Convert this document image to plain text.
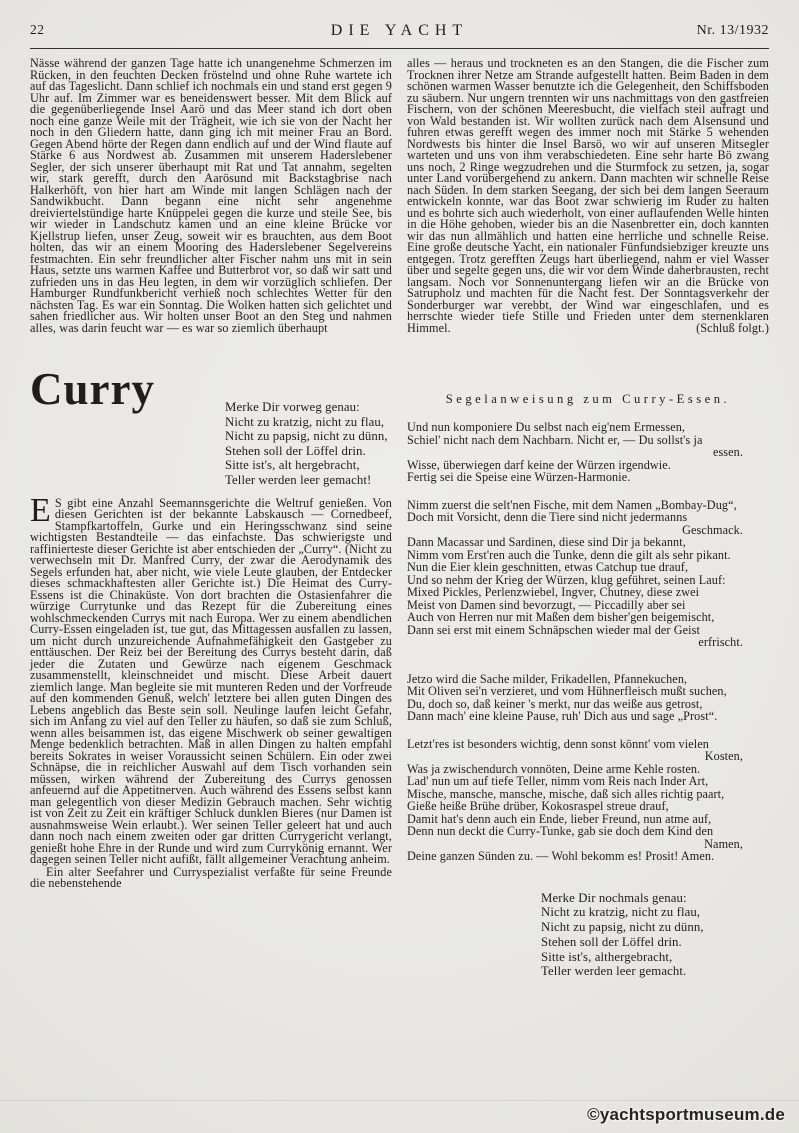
22	DIE YACHT	Nr. 13/1932

Nässe während der ganzen Tage hatte ich unangenehme Schmerzen im Rücken, in den feuchten Decken fröstelnd und ohne Ruhe wartete ich auf das Tageslicht. Dann schlief ich nochmals ein und stand erst gegen 9 Uhr auf. Im Zimmer war es beneidenswert besser. Mit dem Blick auf die gegenüberliegende Insel Aarö und das Meer stand ich dort oben noch eine ganze Weile mit der Trägheit, wie ich sie von der Nacht her noch in den Gliedern hatte, dann ging ich mit meiner Frau an Bord. Gegen Abend hörte der Regen dann endlich auf und der Wind flaute auf Stärke 6 aus Nordwest ab. Zusammen mit unserem Haderslebener Segler, der sich unserer überhaupt mit Rat und Tat annahm, segelten wir, stark gerefft, durch den Aarösund mit Backstagbrise nach Halkerhöft, von hier hart am Winde mit langen Schlägen nach der Sandwikbucht. Dann begann eine nicht sehr angenehme dreiviertelstündige harte Knüppelei gegen die kurze und steile See, bis wir wieder in Landschutz kamen und an eine kleine Brücke vor Kjellstrup liefen, unser Zeug, soweit wir es brauchten, aus dem Boot holten, das wir an einem Mooring des Haderslebener Segelvereins festmachten. Ein sehr freundlicher alter Fischer nahm uns mit in sein Haus, setzte uns warmen Kaffee und Butterbrot vor, so daß wir satt und zufrieden uns in das Heu legten, in dem wir vorzüglich schliefen. Der Hamburger Rundfunkbericht verhieß noch schlechtes Wetter für den nächsten Tag. Es war ein Sonntag. Die Wolken hatten sich gelichtet und sahen friedlicher aus. Wir holten unser Boot an den Steg und nahmen alles, was darin feucht war — es war so ziemlich überhaupt

alles — heraus und trockneten es an den Stangen, die die Fischer zum Trocknen ihrer Netze am Strande aufgestellt hatten. Beim Baden in dem schönen warmen Wasser benutzte ich die Gelegenheit, den Schiffsboden zu säubern. Nur ungern trennten wir uns nachmittags von den gastfreien Fischern, von der schönen Meeresbucht, die vielfach steil aufragt und von Wald bestanden ist. Wir wollten zurück nach dem Alsensund und fuhren etwas gerefft wegen des immer noch mit Stärke 5 wehenden Nordwests bis hinter die Insel Barsö, wo wir auf unseren Mitsegler warteten und uns von ihm verabschiedeten. Eine sehr harte Bö zwang uns noch, 2 Ringe wegzudrehen und die Sturmfock zu setzen, ja, sogar unter Land vorübergehend zu ankern. Dann machten wir schnelle Reise nach Süden. In dem starken Seegang, der sich bei dem langen Seeraum entwickeln konnte, war das Boot zwar schwierig im Ruder zu halten und es bohrte sich auch wiederholt, von einer auflaufenden Welle hinten in die Höhe gehoben, wieder bis an die Nasenbretter ein, doch kannten wir das nun allmählich und hatten eine herrliche und schnelle Reise. Eine große deutsche Yacht, ein nationaler Fünfundsiebziger kreuzte uns entgegen. Trotz gerefften Zeugs hart überliegend, nahm er viel Wasser über und segelte gegen uns, die wir vor dem Winde daherbrausten, recht langsam. Noch vor Sonnenuntergang liefen wir an die Brücke von Satrupholz und machten für die Nacht fest. Der Sonntagsverkehr der Sonderburger war verebbt, der Wind war eingeschlafen, und es herrschte wieder tiefe Stille und Frieden unter dem sternenklaren Himmel.	(Schluß folgt.)

Curry	Merke Dir vorweg genau:
Nicht zu kratzig, nicht zu flau,
Nicht zu papsig, nicht zu dünn,
Stehen soll der Löffel drin.
Sitte ist's, alt hergebracht,
Teller werden leer gemacht!

E S gibt eine Anzahl Seemannsgerichte die Weltruf genießen. Von diesen Gerichten ist der bekannte Labskausch — Cornedbeef, Stampfkartoffeln, Gurke und ein Heringsschwanz sind seine wichtigsten Bestandteile — das einfachste. Das schwierigste und raffinierteste dieser Gerichte ist aber entschieden der „Curry“. (Nicht zu verwechseln mit Dr. Manfred Curry, der zwar die Aerodynamik des Segels erfunden hat, aber nicht, wie viele Leute glauben, der Entdecker dieses schmackhaftesten aller Gerichte ist.) Die Heimat des Curry-Essens ist die Chinaküste. Von dort brachten die Ostasienfahrer die würzige Currytunke und das Rezept für die Zubereitung eines wohlschmeckenden Currys mit nach Europa. Wer zu einem abendlichen Curry-Essen eingeladen ist, tue gut, das Mittagessen ausfallen zu lassen, um nicht durch unzureichende Aufnahmefähigkeit den Gastgeber zu enttäuschen. Der Reiz bei der Bereitung des Currys besteht darin, daß jeder die Zutaten und Gewürze nach eigenem Geschmack zusammenstellt, kleinschneidet und mischt. Diese Arbeit dauert ziemlich lange. Man begleite sie mit munteren Reden und der Vorfreude auf den kommenden Genuß, welch' letztere bei allen guten Dingen des Lebens angeblich das Beste sein soll. Neulinge laufen leicht Gefahr, sich im Anfang zu viel auf den Teller zu häufen, so daß sie zum Schluß, wenn alles beisammen ist, das eigene Mischwerk ob seiner gewaltigen Menge bedenklich betrachten. Maß in allen Dingen zu halten empfahl bereits Sokrates in weiser Voraussicht seinen Schülern. Ein oder zwei Schnäpse, die in reichlicher Auswahl auf dem Tisch vorhanden sein müssen, wirken während der Zubereitung des Currys genossen anfeuernd auf die Appetitnerven. Auch während des Essens selbst kann man gelegentlich von dieser Medizin Gebrauch machen. Sehr wichtig ist von Zeit zu Zeit ein kräftiger Schluck dunklen Bieres (nur Damen ist ausnahmsweise Wein erlaubt.). Wer seinen Teller geleert hat und auch dann noch nach einem zweiten oder gar dritten Currygericht verlangt, genießt hohe Ehre in der Runde und wird zum Currykönig ernannt. Wer dagegen seinen Teller nicht aufißt, fällt allgemeiner Verachtung anheim.

Ein alter Seefahrer und Curryspezialist verfaßte für seine Freunde die nebenstehende

Segelanweisung zum Curry-Essen.
Und nun komponiere Du selbst nach eig'nem Ermessen,
Schiel' nicht nach dem Nachbarn. Nicht er, — Du sollst's ja
essen.
Wisse, überwiegen darf keine der Würzen irgendwie.
Fertig sei die Speise eine Würzen-Harmonie.
Nimm zuerst die selt'nen Fische, mit dem Namen „Bombay-Dug“,
Doch mit Vorsicht, denn die Tiere sind nicht jedermanns
Geschmack.
Dann Macassar und Sardinen, diese sind Dir ja bekannt,
Nimm vom Erst'ren auch die Tunke, denn die gilt als sehr pikant.
Nun die Eier klein geschnitten, etwas Catchup tue drauf,
Und so nehm der Krieg der Würzen, klug geführet, seinen Lauf:
Mixed Pickles, Perlenzwiebel, Ingver, Chutney, diese zwei
Meist von Damen sind bevorzugt, — Piccadilly aber sei
Auch von Herren nur mit Maßen dem bisher'gen beigemischt,
Dann sei erst mit einem Schnäpschen wieder mal der Geist
erfrischt.
Jetzo wird die Sache milder, Frikadellen, Pfannekuchen,
Mit Oliven sei'n verzieret, und vom Hühnerfleisch mußt suchen,
Du, doch so, daß keiner 's merkt, nur das weiße aus getrost,
Dann mach' eine kleine Pause, ruh' Dich aus und sage „Prost“.
Letzt'res ist besonders wichtig, denn sonst könnt' vom vielen
Kosten,
Was ja zwischendurch vonnöten, Deine arme Kehle rosten.
Lad' nun um auf tiefe Teller, nimm vom Reis nach Inder Art,
Mische, mansche, mansche, mische, daß sich alles richtig paart,
Gieße heiße Brühe drüber, Kokosraspel streue drauf,
Damit hat's denn auch ein Ende, lieber Freund, nun atme auf,
Denn nun deckt die Curry-Tunke, gab sie doch dem Kind den
Namen,
Deine ganzen Sünden zu. — Wohl bekomm es! Prosit! Amen.
Merke Dir nochmals genau:
Nicht zu kratzig, nicht zu flau,
Nicht zu papsig, nicht zu dünn,
Stehen soll der Löffel drin.
Sitte ist's, althergebracht,
Teller werden leer gemacht.
©yachtsportmuseum.de
